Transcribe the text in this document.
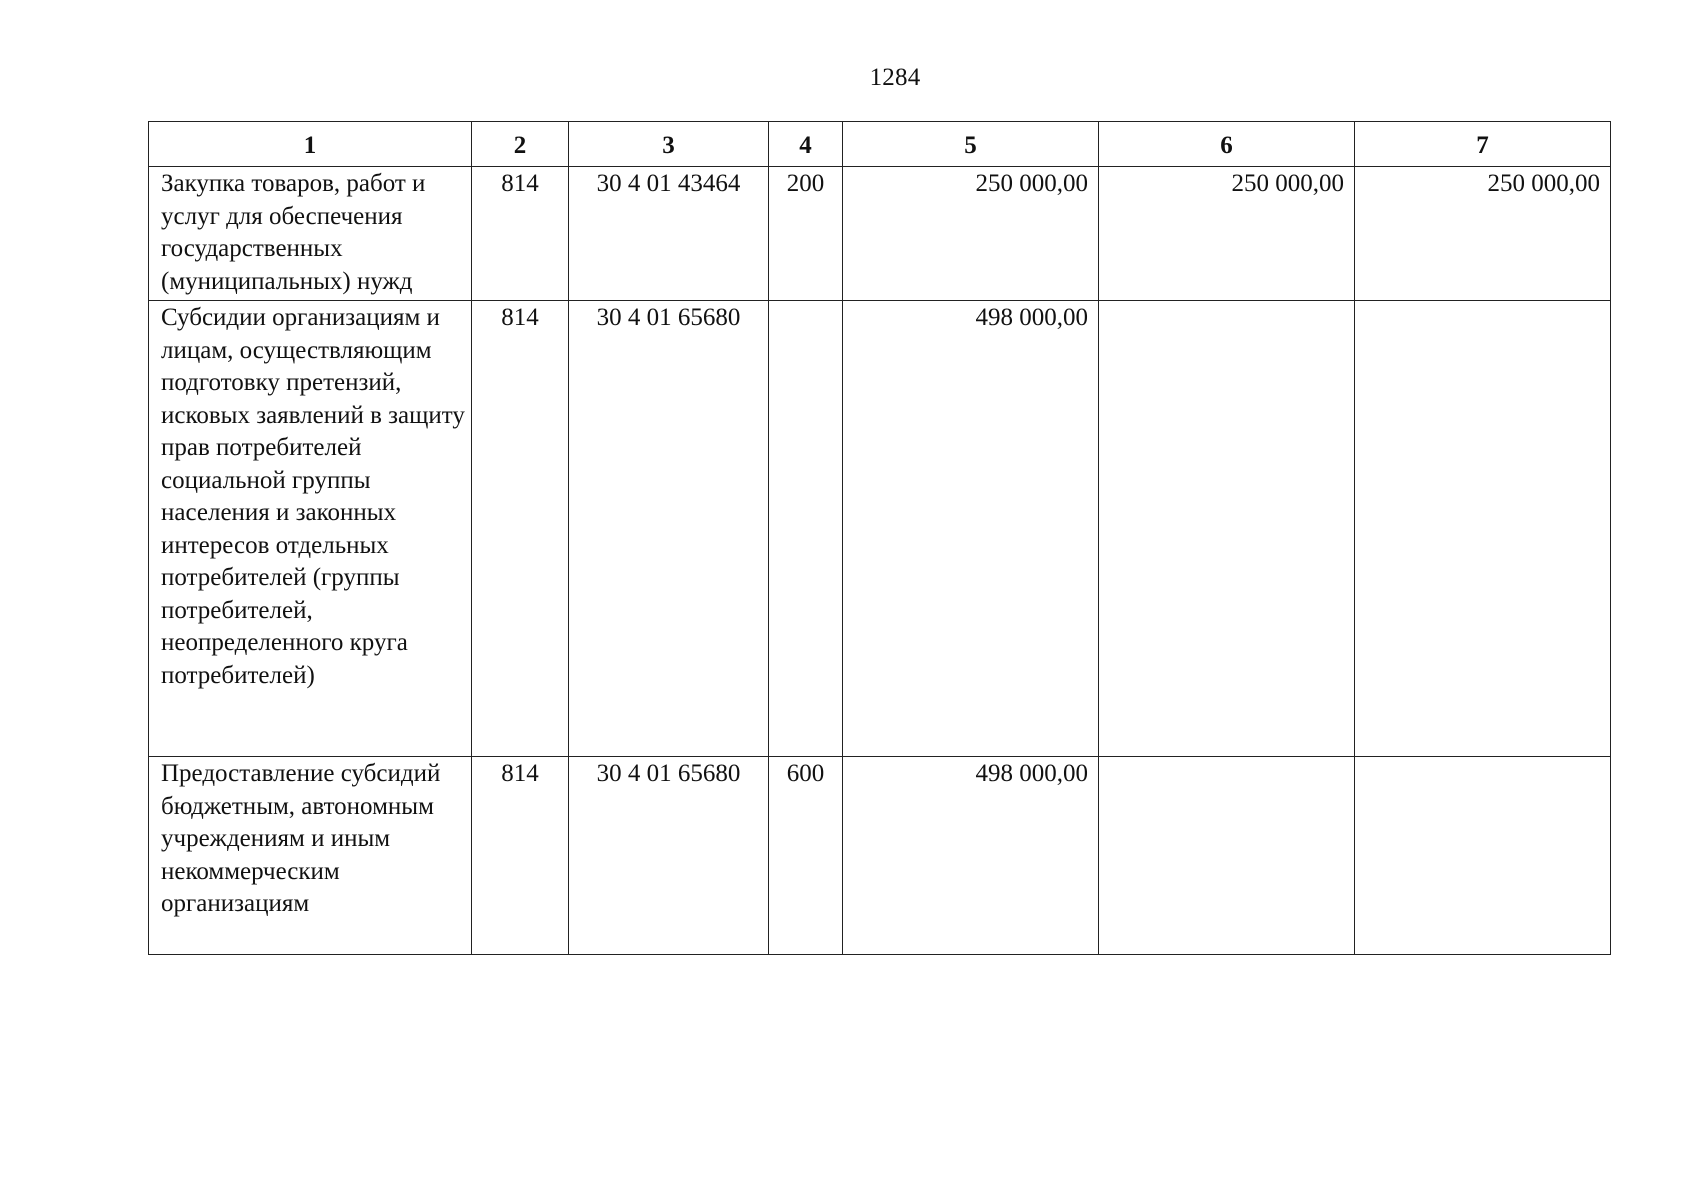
1284
1	2	3	4	5	6	7
Закупка товаров, работ и услуг для обеспечения государственных (муниципальных) нужд	814	30 4 01 43464	200	250 000,00	250 000,00	250 000,00
Субсидии организациям и лицам, осуществляющим подготовку претензий, исковых заявлений в защиту прав потребителей социальной группы населения и законных интересов отдельных потребителей (группы потребителей, неопределенного круга потребителей)	814	30 4 01 65680		498 000,00		
Предоставление субсидий бюджетным, автономным учреждениям и иным некоммерческим организациям	814	30 4 01 65680	600	498 000,00		
